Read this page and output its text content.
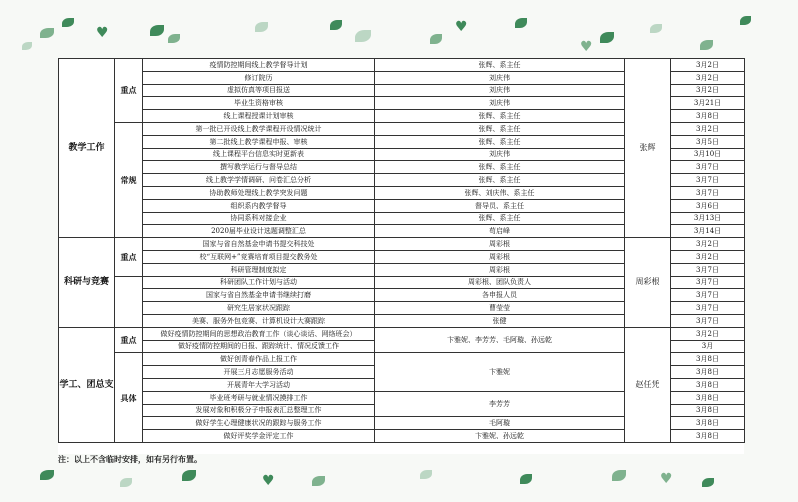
♥	♥
♥
♥	♥
教学工作	重点	疫情防控期间线上教学督导计划	张辉、系主任	张辉	3月2日
		修订院历	刘庆伟		3月2日
		虚拟仿真等项目报送	刘庆伟		3月2日
		毕业生资格审核	刘庆伟		3月21日
		线上课程授课计划审核	张辉、系主任		3月8日
	常规	第一批已开设线上教学课程开设情况统计	张辉、系主任		3月2日
		第二批线上教学课程申报、审核	张辉、系主任		3月5日
		线上课程平台信息实时更新表	刘庆伟		3月10日
		撰写教学运行与督导总结	张辉、系主任		3月7日
		线上教学学情调研、问卷汇总分析	张辉、系主任		3月7日
		协助教师处理线上教学突发问题	张辉、刘庆伟、系主任		3月7日
		组织系内教学督导	督导员、系主任		3月6日
		协同系科对接企业	张辉、系主任		3月13日
		2020届毕业设计选题调整汇总	苟启峰		3月14日
科研与竞赛	重点	国家与省自然基金申请书提交科技处	周彩根	周彩根	3月2日
		校“互联网+”竞赛培育项目提交教务处	周彩根		3月2日
		科研管理制度拟定	周彩根		3月7日
		科研团队工作计划与活动	周彩根、团队负责人		3月7日
		国家与省自然基金申请书继续打磨	各申报人员		3月7日
		研究生居家状况跟踪	曹莹莹		3月7日
		美赛、服务外包竞赛、计算机设计大赛跟踪	张健		3月7日
学工、团总支	重点	做好疫情防控期间的思想政治教育工作（谈心谈话、网络班会）	卞雅妮、李芳芳、毛阿璇、孙远乾	赵任凭	3月2日
		做好疫情防控期间的日报、跟踪统计、情况反馈工作			3月
	具体	做好创青春作品上报工作	卞雅妮		3月8日
		开展三月志愿服务活动			3月8日
		开展青年大学习活动			3月8日
		毕业班考研与就业情况摸排工作	李芳芳		3月8日
		发展对象和积极分子申报表汇总整理工作			3月8日
		做好学生心理健康状况的跟踪与服务工作	毛阿璇		3月8日
		做好评奖学金评定工作	卞雅妮、孙远乾		3月8日
注：以上不含临时安排，如有另行布置。
